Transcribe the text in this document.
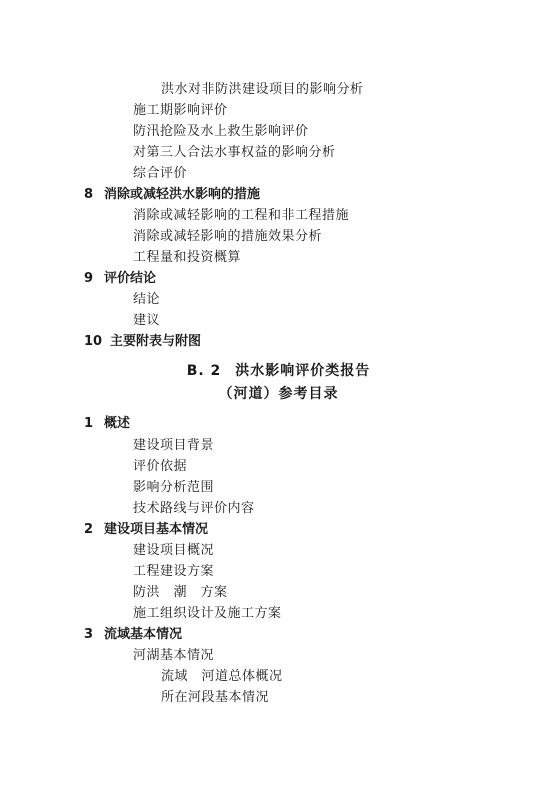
洪水对非防洪建设项目的影响分析
施工期影响评价
防汛抢险及水上救生影响评价
对第三人合法水事权益的影响分析
综合评价
8 消除或减轻洪水影响的措施
消除或减轻影响的工程和非工程措施
消除或减轻影响的措施效果分析
工程量和投资概算
9 评价结论
结论
建议
10 主要附表与附图
B. 2 洪水影响评价类报告
（河道）参考目录
1 概述
建设项目背景
评价依据
影响分析范围
技术路线与评价内容
2 建设项目基本情况
建设项目概况
工程建设方案
防洪　潮　方案
施工组织设计及施工方案
3 流域基本情况
河湖基本情况
流域　河道总体概况
所在河段基本情况
